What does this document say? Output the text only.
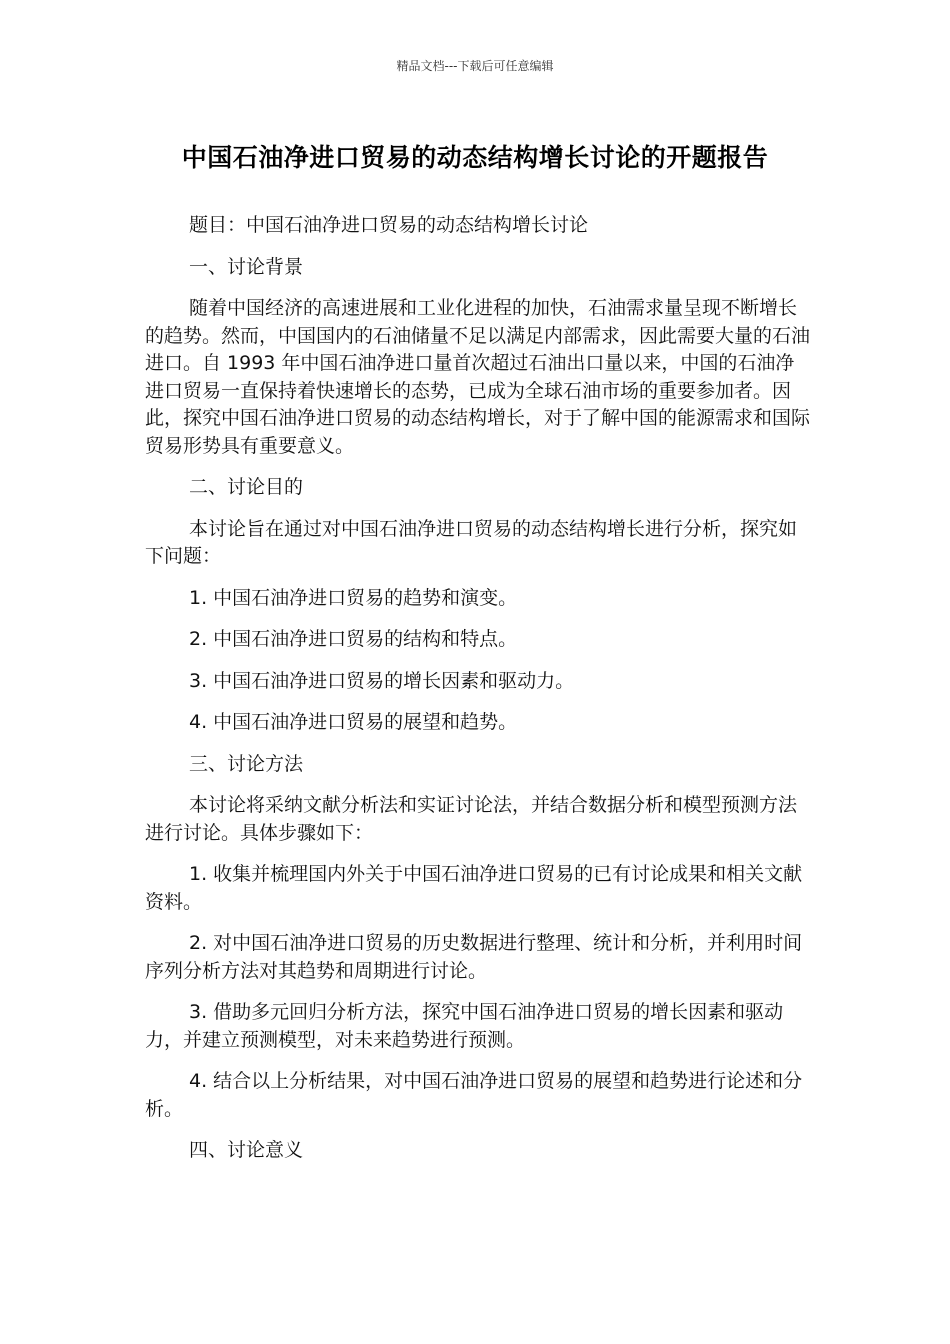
精品文档---下载后可任意编辑
中国石油净进口贸易的动态结构增长讨论的开题报告

题目：中国石油净进口贸易的动态结构增长讨论

一、讨论背景

随着中国经济的高速进展和工业化进程的加快，石油需求量呈现不断增长的趋势。然而，中国国内的石油储量不足以满足内部需求，因此需要大量的石油进口。自 1993 年中国石油净进口量首次超过石油出口量以来，中国的石油净进口贸易一直保持着快速增长的态势，已成为全球石油市场的重要参加者。因此，探究中国石油净进口贸易的动态结构增长，对于了解中国的能源需求和国际贸易形势具有重要意义。

二、讨论目的

本讨论旨在通过对中国石油净进口贸易的动态结构增长进行分析，探究如下问题：

1. 中国石油净进口贸易的趋势和演变。

2. 中国石油净进口贸易的结构和特点。

3. 中国石油净进口贸易的增长因素和驱动力。

4. 中国石油净进口贸易的展望和趋势。

三、讨论方法

本讨论将采纳文献分析法和实证讨论法，并结合数据分析和模型预测方法进行讨论。具体步骤如下：

1. 收集并梳理国内外关于中国石油净进口贸易的已有讨论成果和相关文献资料。

2. 对中国石油净进口贸易的历史数据进行整理、统计和分析，并利用时间序列分析方法对其趋势和周期进行讨论。

3. 借助多元回归分析方法，探究中国石油净进口贸易的增长因素和驱动力，并建立预测模型，对未来趋势进行预测。

4. 结合以上分析结果，对中国石油净进口贸易的展望和趋势进行论述和分析。

四、讨论意义
